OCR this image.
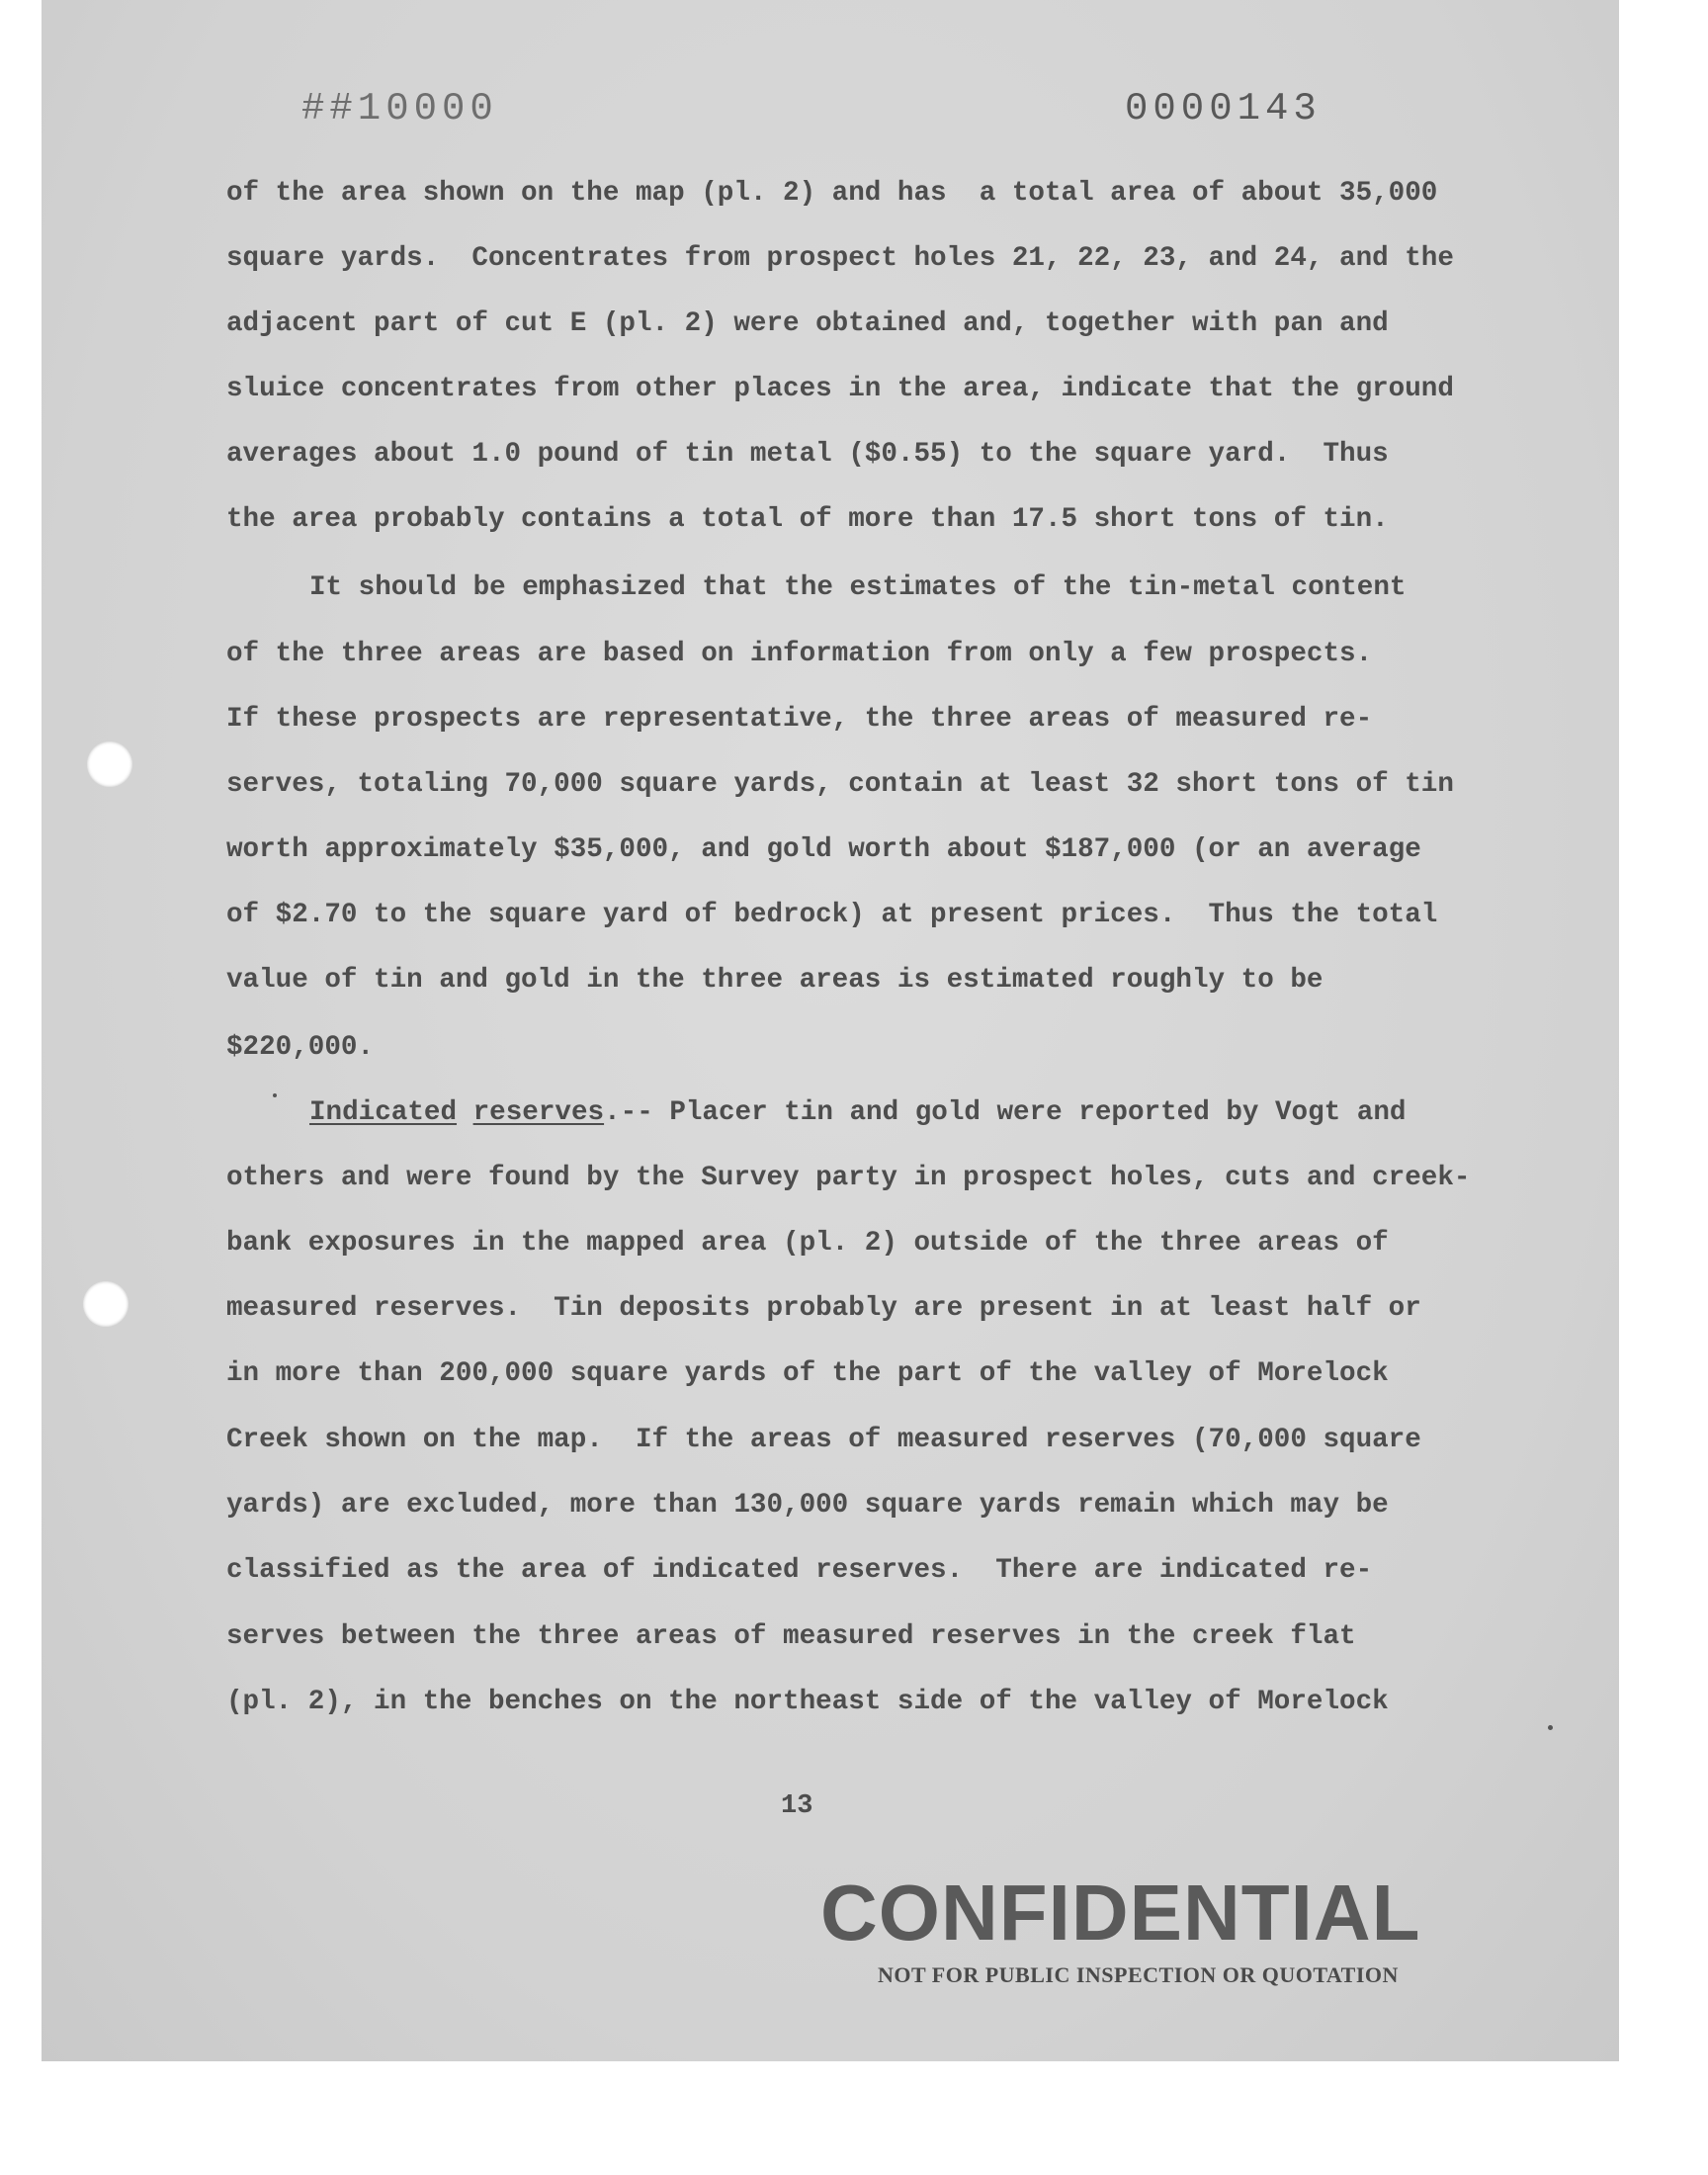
##10000	0000143

of the area shown on the map (pl. 2) and has  a total area of about 35,000

square yards.  Concentrates from prospect holes 21, 22, 23, and 24, and the

adjacent part of cut E (pl. 2) were obtained and, together with pan and

sluice concentrates from other places in the area, indicate that the ground

averages about 1.0 pound of tin metal ($0.55) to the square yard.  Thus

the area probably contains a total of more than 17.5 short tons of tin.

It should be emphasized that the estimates of the tin-metal content

of the three areas are based on information from only a few prospects.

If these prospects are representative, the three areas of measured re-

serves, totaling 70,000 square yards, contain at least 32 short tons of tin

worth approximately $35,000, and gold worth about $187,000 (or an average

of $2.70 to the square yard of bedrock) at present prices.  Thus the total

value of tin and gold in the three areas is estimated roughly to be

$220,000.

Indicated reserves.-- Placer tin and gold were reported by Vogt and

others and were found by the Survey party in prospect holes, cuts and creek-

bank exposures in the mapped area (pl. 2) outside of the three areas of

measured reserves.  Tin deposits probably are present in at least half or

in more than 200,000 square yards of the part of the valley of Morelock

Creek shown on the map.  If the areas of measured reserves (70,000 square

yards) are excluded, more than 130,000 square yards remain which may be

classified as the area of indicated reserves.  There are indicated re-

serves between the three areas of measured reserves in the creek flat

(pl. 2), in the benches on the northeast side of the valley of Morelock

13

CONFIDENTIAL

NOT FOR PUBLIC INSPECTION OR QUOTATION
